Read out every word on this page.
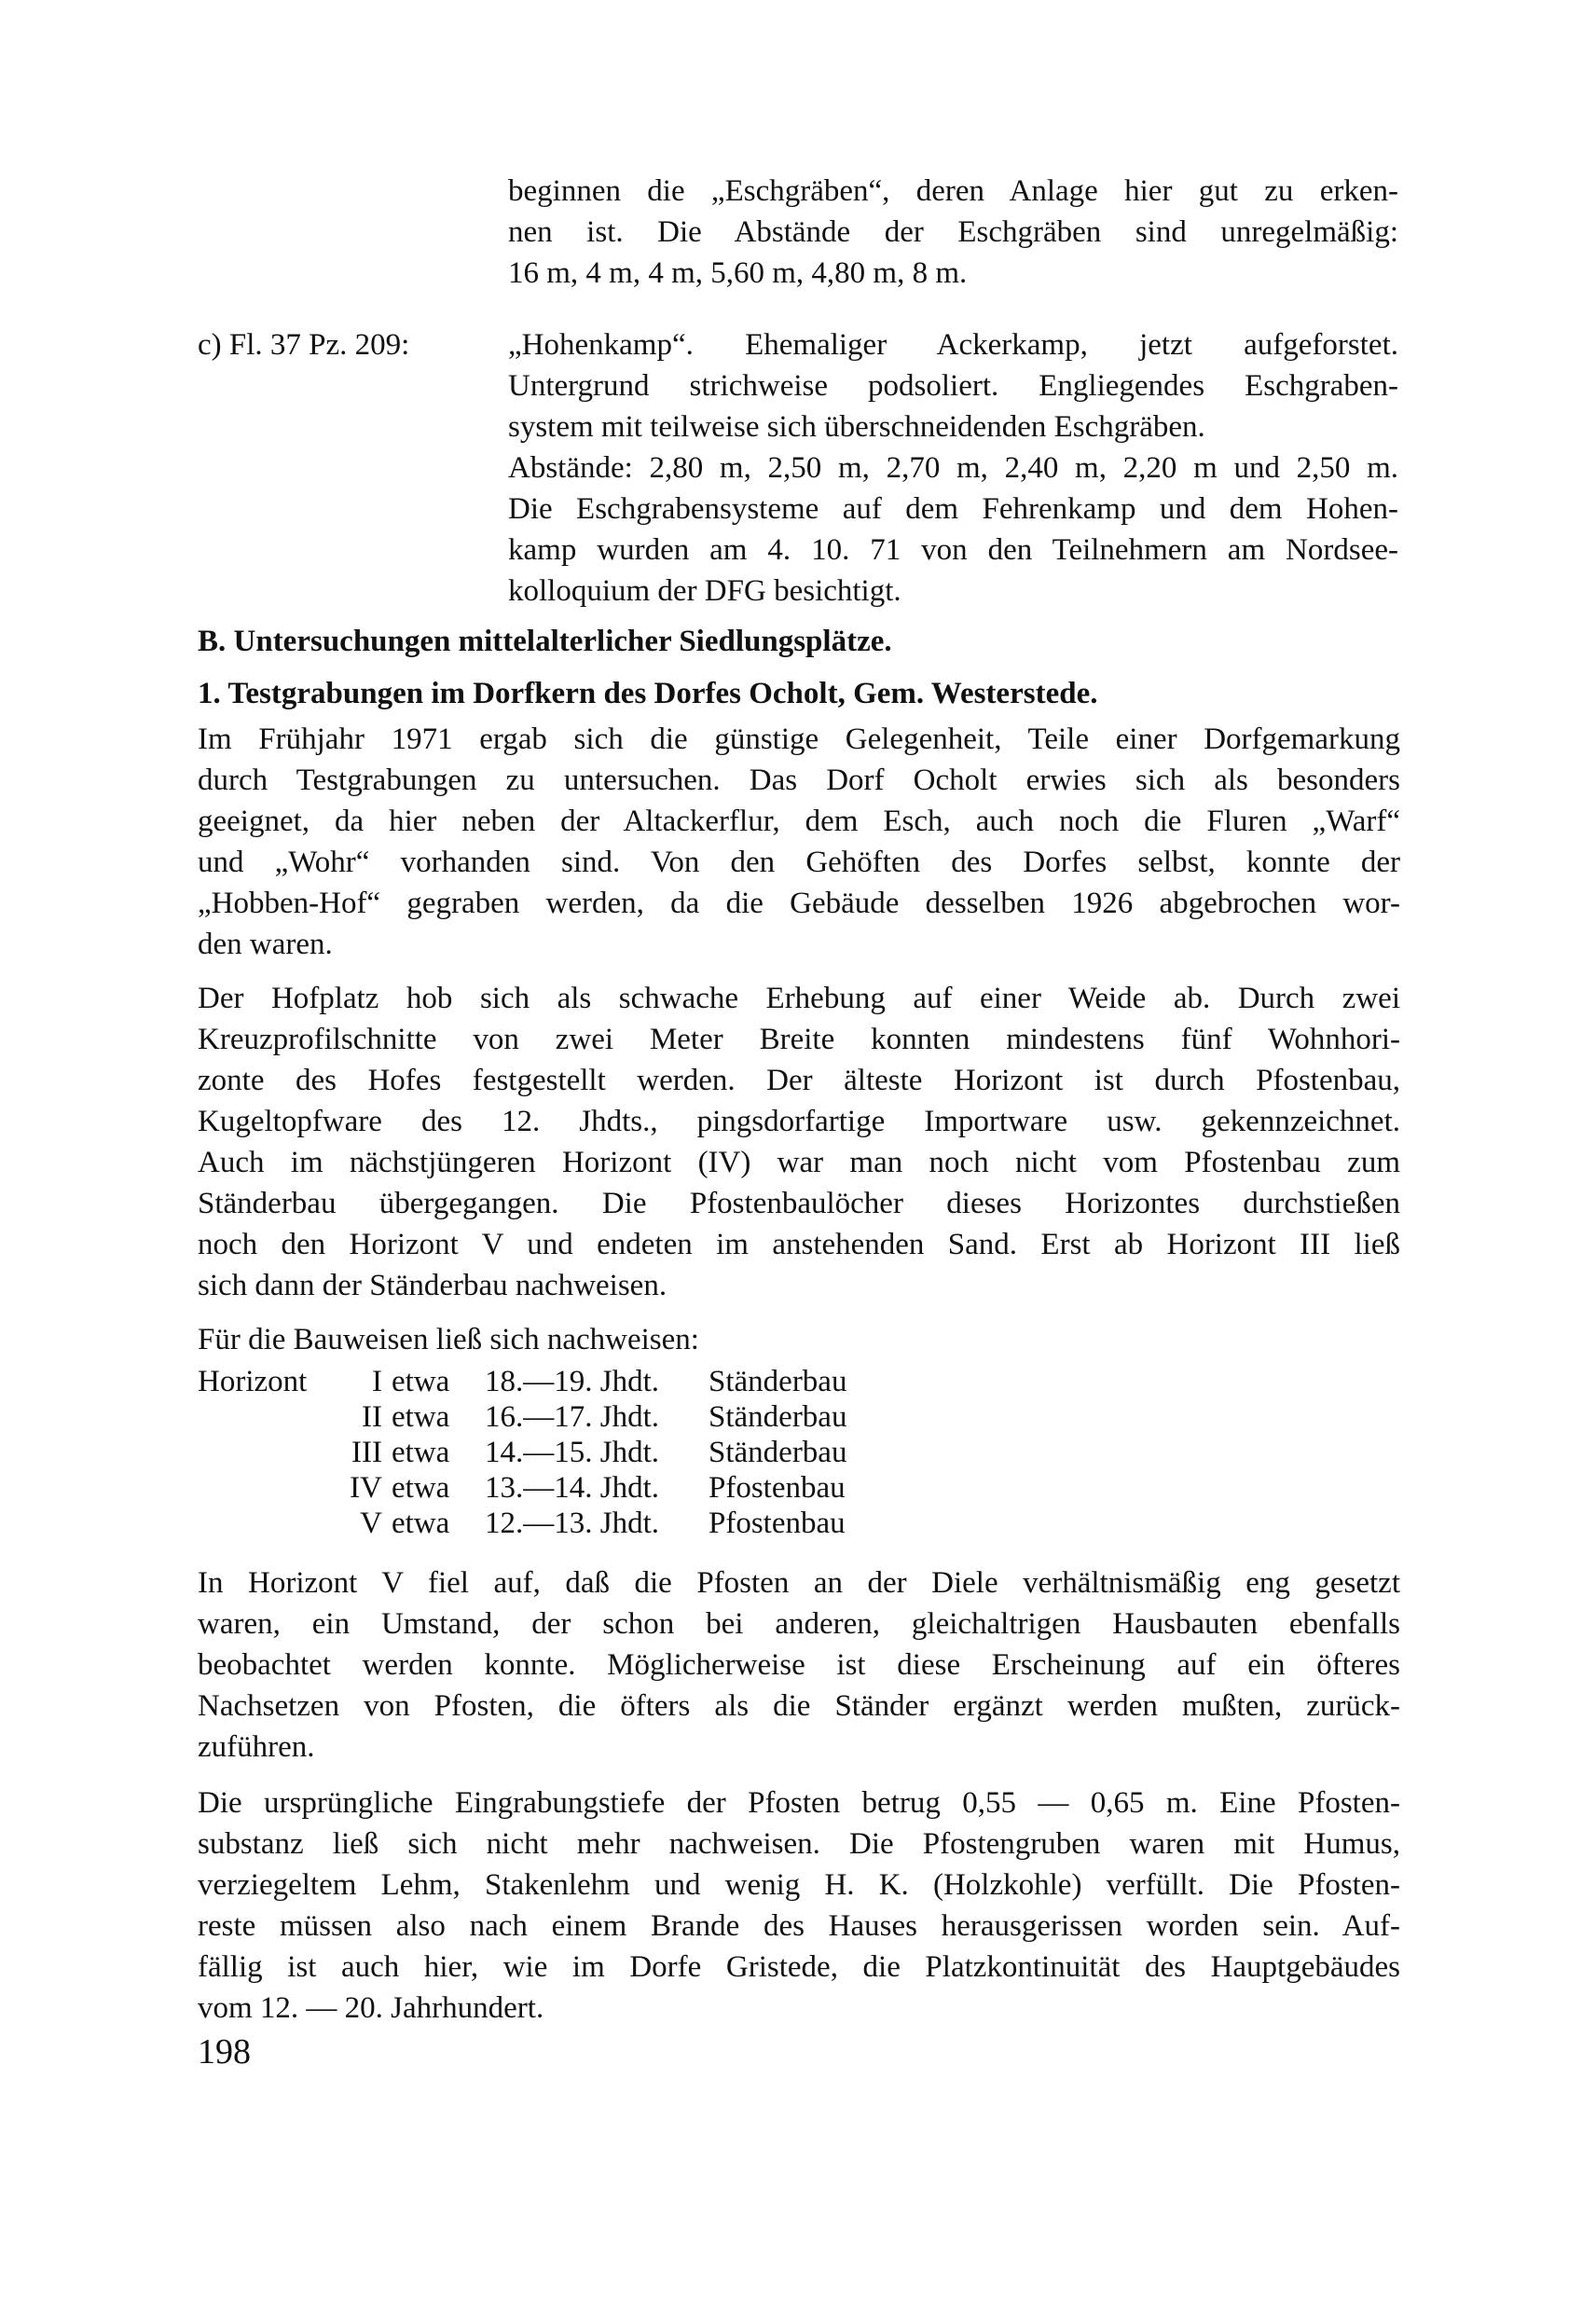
beginnen die „Eschgräben“, deren Anlage hier gut zu erken-
nen ist. Die Abstände der Eschgräben sind unregelmäßig:
16 m, 4 m, 4 m, 5,60 m, 4,80 m, 8 m.
c) Fl. 37 Pz. 209:	„Hohenkamp“. Ehemaliger Ackerkamp, jetzt aufgeforstet.
Untergrund strichweise podsoliert. Engliegendes Eschgraben-
system mit teilweise sich überschneidenden Eschgräben.
Abstände: 2,80 m, 2,50 m, 2,70 m, 2,40 m, 2,20 m und 2,50 m.
Die Eschgrabensysteme auf dem Fehrenkamp und dem Hohen-
kamp wurden am 4. 10. 71 von den Teilnehmern am Nordsee-
kolloquium der DFG besichtigt.
B. Untersuchungen mittelalterlicher Siedlungsplätze.
1. Testgrabungen im Dorfkern des Dorfes Ocholt, Gem. Westerstede.
Im Frühjahr 1971 ergab sich die günstige Gelegenheit, Teile einer Dorfgemarkung
durch Testgrabungen zu untersuchen. Das Dorf Ocholt erwies sich als besonders
geeignet, da hier neben der Altackerflur, dem Esch, auch noch die Fluren „Warf“
und „Wohr“ vorhanden sind. Von den Gehöften des Dorfes selbst, konnte der
„Hobben-Hof“ gegraben werden, da die Gebäude desselben 1926 abgebrochen wor-
den waren.
Der Hofplatz hob sich als schwache Erhebung auf einer Weide ab. Durch zwei
Kreuzprofilschnitte von zwei Meter Breite konnten mindestens fünf Wohnhori-
zonte des Hofes festgestellt werden. Der älteste Horizont ist durch Pfostenbau,
Kugeltopfware des 12. Jhdts., pingsdorfartige Importware usw. gekennzeichnet.
Auch im nächstjüngeren Horizont (IV) war man noch nicht vom Pfostenbau zum
Ständerbau übergegangen. Die Pfostenbaulöcher dieses Horizontes durchstießen
noch den Horizont V und endeten im anstehenden Sand. Erst ab Horizont III ließ
sich dann der Ständerbau nachweisen.
Für die Bauweisen ließ sich nachweisen:
Horizont	I etwa	18.—19. Jhdt.	Ständerbau
II etwa	16.—17. Jhdt.	Ständerbau
III etwa	14.—15. Jhdt.	Ständerbau
IV etwa	13.—14. Jhdt.	Pfostenbau
V etwa	12.—13. Jhdt.	Pfostenbau
In Horizont V fiel auf, daß die Pfosten an der Diele verhältnismäßig eng gesetzt
waren, ein Umstand, der schon bei anderen, gleichaltrigen Hausbauten ebenfalls
beobachtet werden konnte. Möglicherweise ist diese Erscheinung auf ein öfteres
Nachsetzen von Pfosten, die öfters als die Ständer ergänzt werden mußten, zurück-
zuführen.
Die ursprüngliche Eingrabungstiefe der Pfosten betrug 0,55 — 0,65 m. Eine Pfosten-
substanz ließ sich nicht mehr nachweisen. Die Pfostengruben waren mit Humus,
verziegeltem Lehm, Stakenlehm und wenig H. K. (Holzkohle) verfüllt. Die Pfosten-
reste müssen also nach einem Brande des Hauses herausgerissen worden sein. Auf-
fällig ist auch hier, wie im Dorfe Gristede, die Platzkontinuität des Hauptgebäudes
vom 12. — 20. Jahrhundert.
198
